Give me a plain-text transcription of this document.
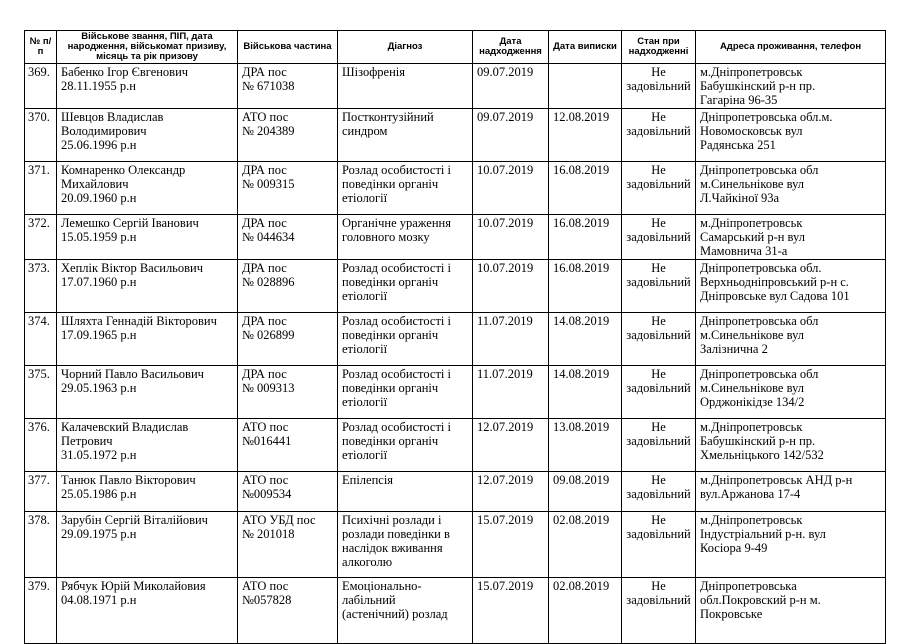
№ п/п	Військове звання, ПІП, дата народження, військомат призиву, місяць та рік призову	Військова частина	Діагноз	Дата надходження	Дата виписки	Стан при надходженні	Адреса проживання, телефон
369.	Бабенко Ігор Євгенович
28.11.1955 р.н	ДРА пос
№ 671038	Шізофренія	09.07.2019		Не
задовільний	м.Дніпропетровськ
Бабушкінский р-н пр.
Гагаріна 96-35

370.	Шевцов Владислав
Володимирович
25.06.1996 р.н	АТО пос
№ 204389	Постконтузійний
синдром	09.07.2019	12.08.2019	Не
задовільний	Дніпропетровська обл.м.
Новомосковськ вул
Радянська 251

371.	Комнаренко Олександр
Михайлович
20.09.1960 р.н	ДРА пос
№ 009315	Розлад особистості і
поведінки органіч
етіології	10.07.2019	16.08.2019	Не
задовільний	Дніпропетровська обл
м.Синельнікове вул
Л.Чайкіної 93а

372.	Лемешко Сергій Іванович
15.05.1959 р.н	ДРА пос
№ 044634	Органічне ураження
головного мозку	10.07.2019	16.08.2019	Не
задовільний	м.Дніпропетровськ
Самарський р-н вул
Мамовнича 31-а

373.	Хеплік Віктор Васильович
17.07.1960 р.н	ДРА пос
№ 028896	Розлад особистості і
поведінки органіч
етіології	10.07.2019	16.08.2019	Не
задовільний	Дніпропетровська обл.
Верхньодніпровський р-н с.
Дніпровське вул Садова 101

374.	Шляхта Геннадій Вікторович
17.09.1965 р.н	ДРА пос
№ 026899	Розлад особистості і
поведінки органіч
етіології	11.07.2019	14.08.2019	Не
задовільний	Дніпропетровська обл
м.Синельнікове вул
Залізнична 2

375.	Чорний Павло Васильович
29.05.1963 р.н	ДРА пос
№ 009313	Розлад особистості і
поведінки органіч
етіології	11.07.2019	14.08.2019	Не
задовільний	Дніпропетровська обл
м.Синельнікове вул
Орджонікідзе 134/2

376.	Калачевский Владислав
Петрович
31.05.1972 р.н	АТО пос
№016441	Розлад особистості і
поведінки органіч
етіології	12.07.2019	13.08.2019	Не
задовільний	м.Дніпропетровськ
Бабушкінский р-н пр.
Хмельніцького 142/532

377.	Танюк Павло Вікторович
25.05.1986 р.н	АТО пос
№009534	Епілепсія	12.07.2019	09.08.2019	Не
задовільний	м.Дніпропетровськ АНД р-н
вул.Аржанова 17-4

378.	Зарубін Сергій Віталійович
29.09.1975 р.н	АТО УБД пос
№ 201018	Психічні розлади і
розлади поведінки в
наслідок вживання
алкоголю	15.07.2019	02.08.2019	Не
задовільний	м.Дніпропетровськ
Індустріальний р-н. вул
Косіора 9-49

379.	Рябчук Юрій Миколайовия
04.08.1971 р.н	АТО пос
№057828	Емоціонально-
лабільний
(астенічний) розлад	15.07.2019	02.08.2019	Не
задовільний	Дніпропетровська
обл.Покровский р-н м.
Покровське
